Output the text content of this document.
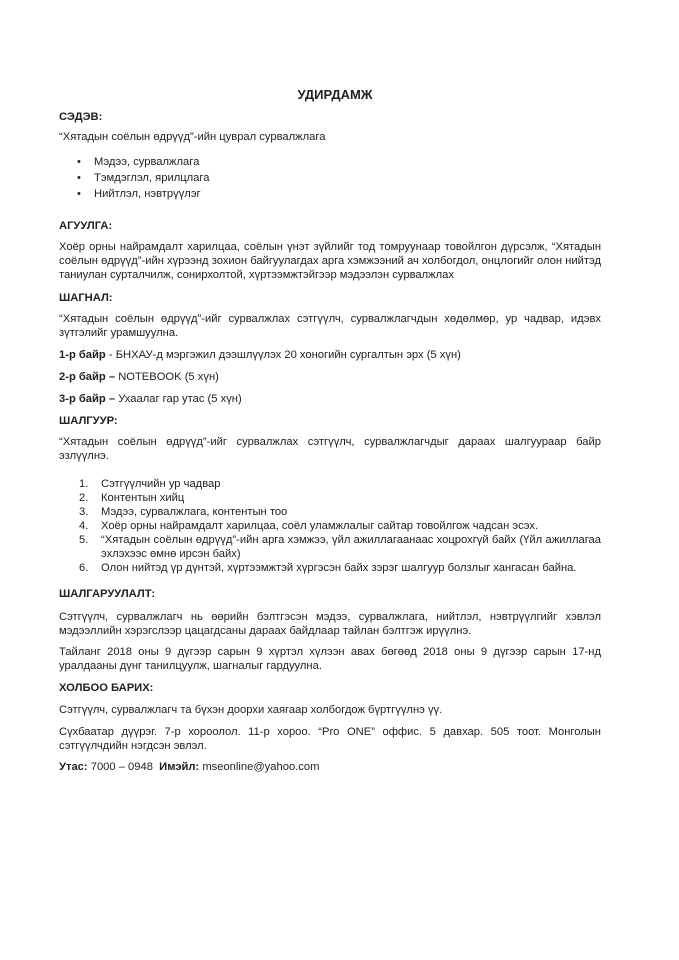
УДИРДАМЖ
СЭДЭВ:

“Хятадын соёлын өдрүүд”-ийн цуврал сурвалжлага

• Мэдээ, сурвалжлага
• Тэмдэглэл, ярилцлага
• Нийтлэл, нэвтрүүлэг
АГУУЛГА:

Хоёр орны найрамдалт харилцаа, соёлын үнэт зүйлийг тод томруунаар товойлгон дүрсэлж, “Хятадын соёлын өдрүүд”-ийн хүрээнд зохион байгуулагдах арга хэмжээний ач холбогдол, онцлогийг олон нийтэд таниулан сурталчилж, сонирхолтой, хүртээмжтэйгээр мэдээлэн сурвалжлах

ШАГНАЛ:

“Хятадын соёлын өдрүүд”-ийг сурвалжлах сэтгүүлч, сурвалжлагчдын хөдөлмөр, ур чадвар, идэвх зүтгэлийг урамшуулна.

1-р байр - БНХАУ-д мэргэжил дээшлүүлэх 20 хоногийн сургалтын эрх (5 хүн)

2-р байр – NOTEBOOK (5 хүн)

3-р байр – Ухаалаг гар утас (5 хүн)

ШАЛГУУР:

“Хятадын соёлын өдрүүд”-ийг сурвалжлах сэтгүүлч, сурвалжлагчдыг дараах шалгуураар байр эзлүүлнэ.

1. Сэтгүүлчийн ур чадвар
2. Контентын хийц
3. Мэдээ, сурвалжлага, контентын тоо
4. Хоёр орны найрамдалт харилцаа, соёл уламжлалыг сайтар товойлгож чадсан эсэх.
5. “Хятадын соёлын өдрүүд”-ийн арга хэмжээ, үйл ажиллагаанаас хоцрохгүй байх (Үйл ажиллагаа эхлэхээс өмнө ирсэн байх)
6. Олон нийтэд үр дүнтэй, хүртээмжтэй хүргэсэн байх зэрэг шалгуур болзлыг хангасан байна.
ШАЛГАРУУЛАЛТ:

Сэтгүүлч, сурвалжлагч нь өөрийн бэлтгэсэн мэдээ, сурвалжлага, нийтлэл, нэвтрүүлгийг хэвлэл мэдээллийн хэрэгслээр цацагдсаны дараах байдлаар тайлан бэлтгэж ирүүлнэ.

Тайланг 2018 оны 9 дүгээр сарын 9 хүртэл хүлээн авах бөгөөд 2018 оны 9 дүгээр сарын 17-нд уралдааны дүнг танилцуулж, шагналыг гардуулна.

ХОЛБОО БАРИХ:

Сэтгүүлч, сурвалжлагч та бүхэн доорхи хаягаар холбогдож бүртгүүлнэ үү.

Сүхбаатар дүүрэг. 7-р хороолол. 11-р хороо. “Pro ONE” оффис. 5 давхар. 505 тоот. Монголын сэтгүүлчдийн нэгдсэн эвлэл.

Утас: 7000 – 0948 Имэйл: mseonline@yahoo.com
